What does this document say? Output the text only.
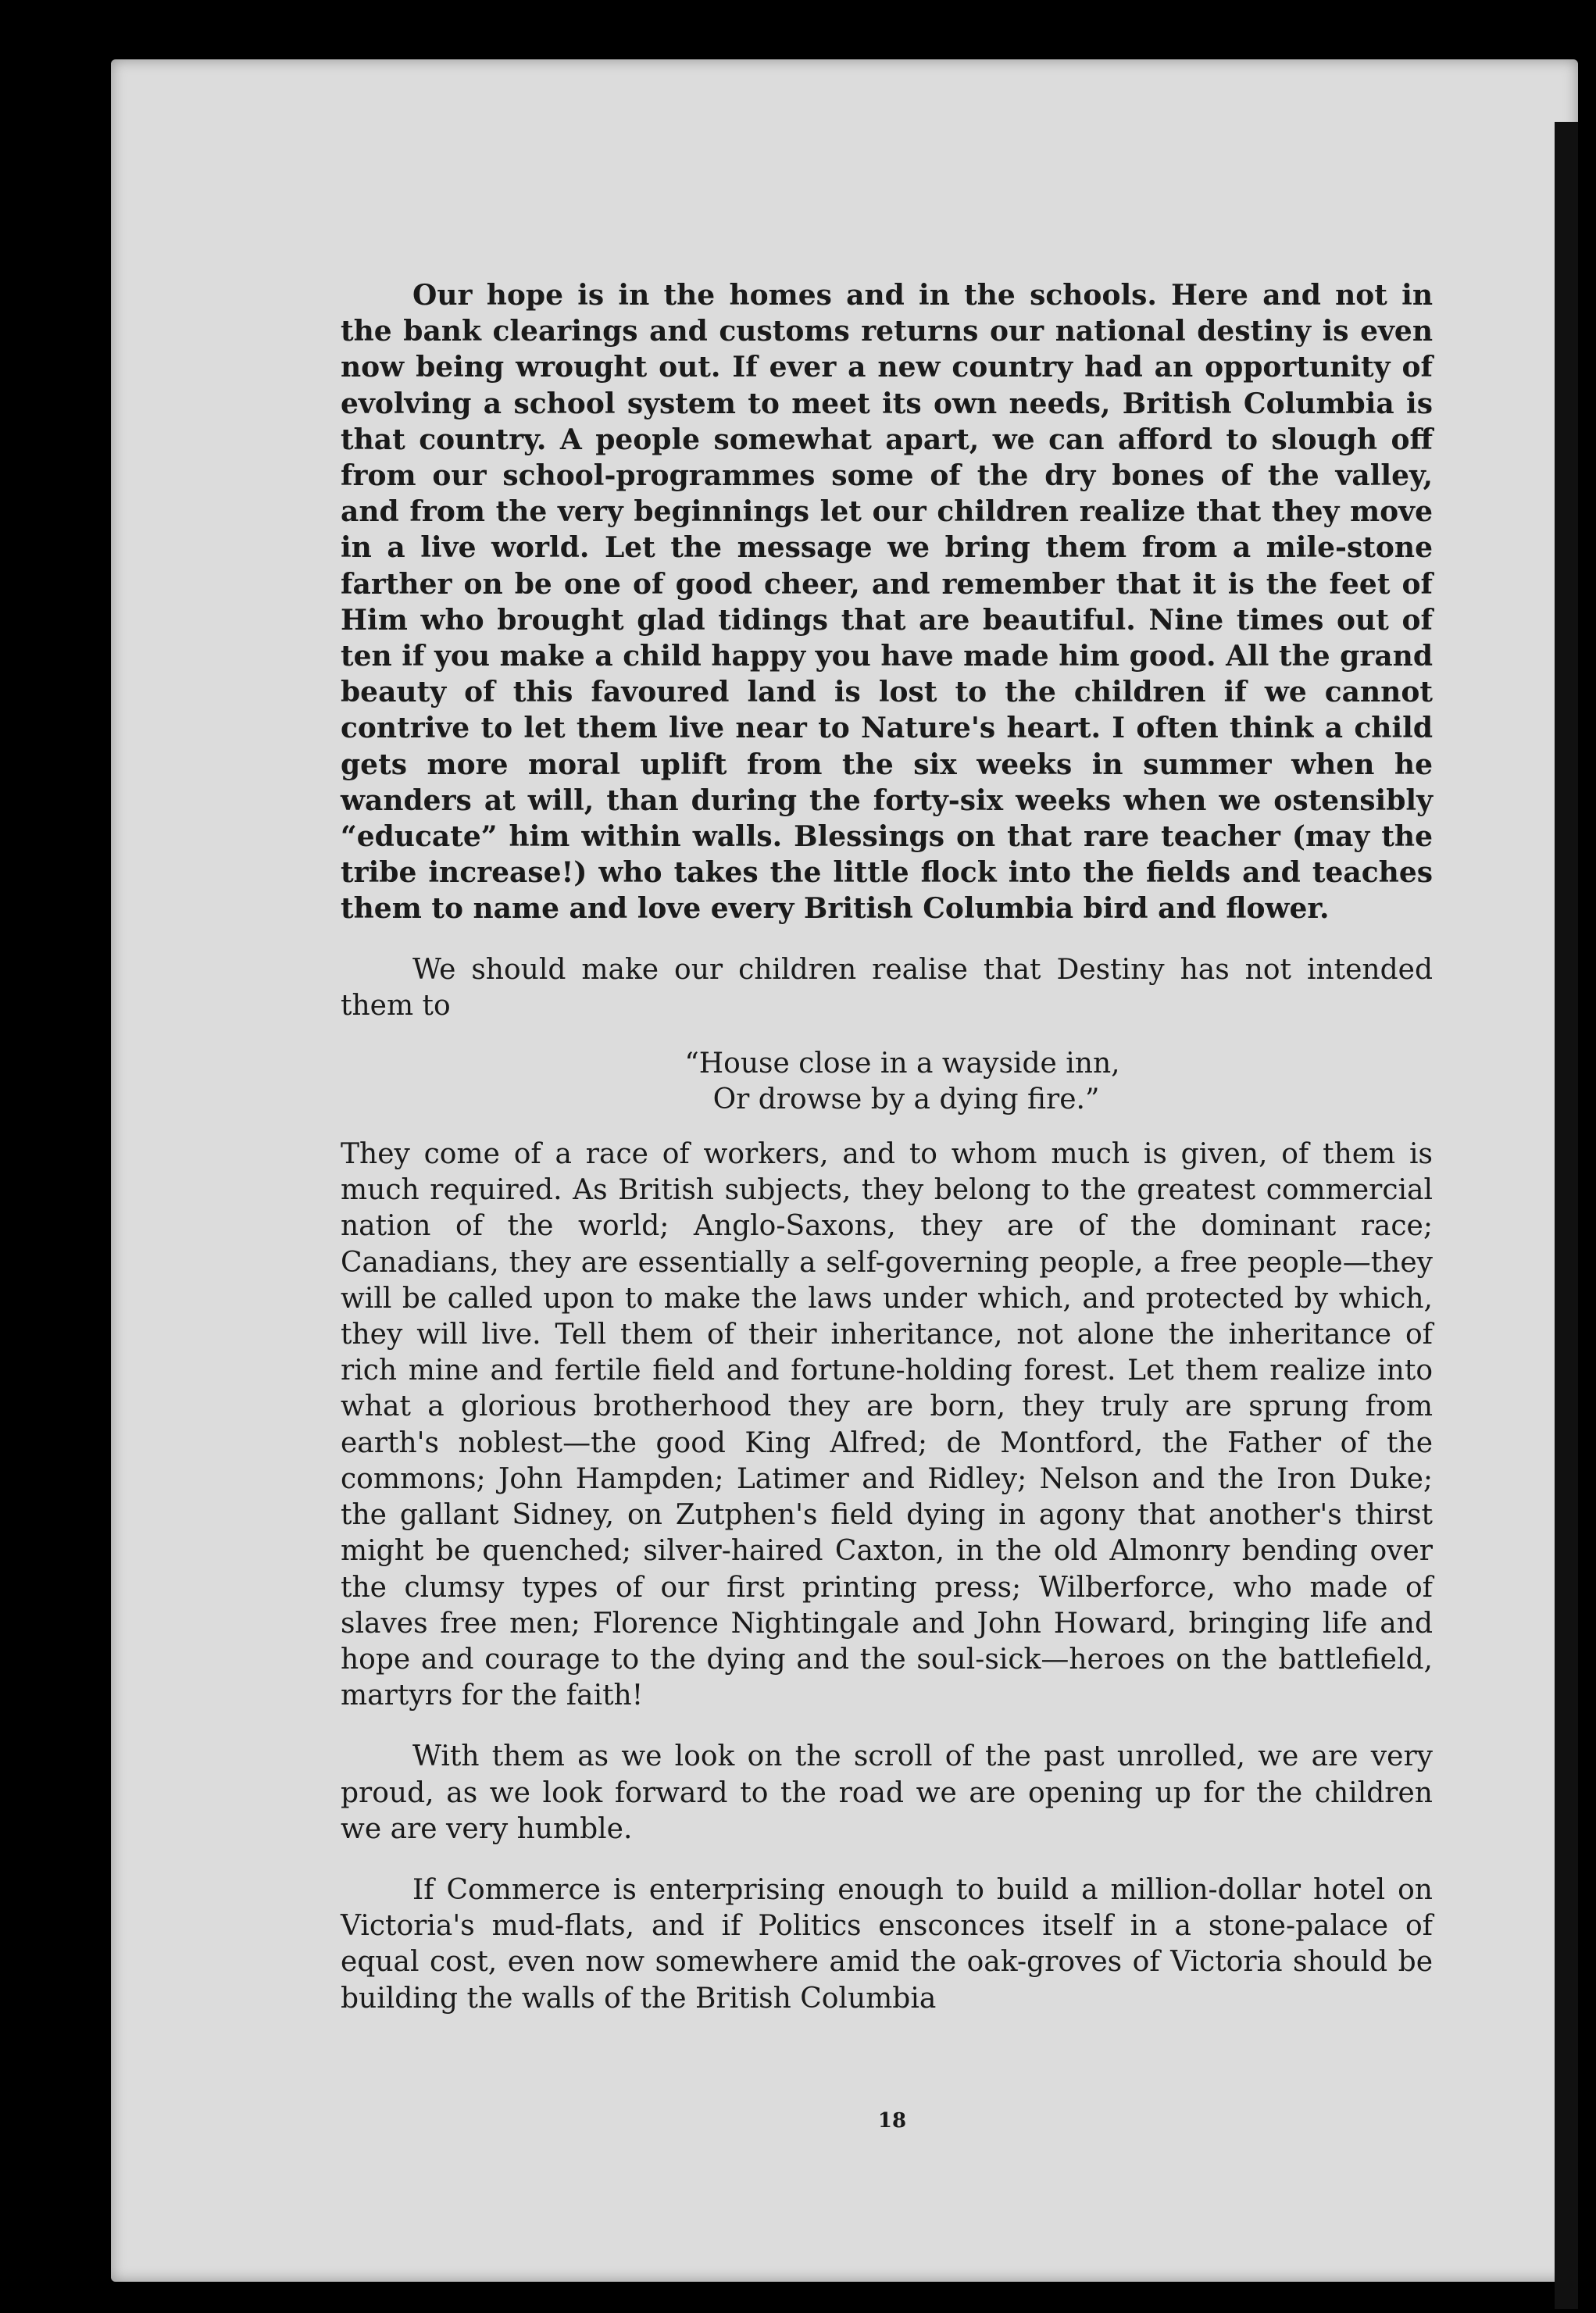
Our hope is in the homes and in the schools. Here and not in the bank clearings and customs returns our national destiny is even now being wrought out. If ever a new country had an opportunity of evolving a school system to meet its own needs, British Columbia is that country. A people somewhat apart, we can afford to slough off from our school-programmes some of the dry bones of the valley, and from the very beginnings let our children realize that they move in a live world. Let the message we bring them from a mile-stone farther on be one of good cheer, and remember that it is the feet of Him who brought glad tidings that are beautiful. Nine times out of ten if you make a child happy you have made him good. All the grand beauty of this favoured land is lost to the children if we cannot contrive to let them live near to Nature's heart. I often think a child gets more moral uplift from the six weeks in summer when he wanders at will, than during the forty-six weeks when we ostensibly “educate” him within walls. Blessings on that rare teacher (may the tribe increase!) who takes the little flock into the fields and teaches them to name and love every British Columbia bird and flower.

We should make our children realise that Destiny has not intended them to

“House close in a wayside inn,
Or drowse by a dying fire.”

They come of a race of workers, and to whom much is given, of them is much required. As British subjects, they belong to the greatest commercial nation of the world; Anglo-Saxons, they are of the dominant race; Canadians, they are essentially a self-governing people, a free people—they will be called upon to make the laws under which, and protected by which, they will live. Tell them of their inheritance, not alone the inheritance of rich mine and fertile field and fortune-holding forest. Let them realize into what a glorious brotherhood they are born, they truly are sprung from earth's noblest—the good King Alfred; de Montford, the Father of the commons; John Hampden; Latimer and Ridley; Nelson and the Iron Duke; the gallant Sidney, on Zutphen's field dying in agony that another's thirst might be quenched; silver-haired Caxton, in the old Almonry bending over the clumsy types of our first printing press; Wilberforce, who made of slaves free men; Florence Nightingale and John Howard, bringing life and hope and courage to the dying and the soul-sick—heroes on the battlefield, martyrs for the faith!

With them as we look on the scroll of the past unrolled, we are very proud, as we look forward to the road we are opening up for the children we are very humble.

If Commerce is enterprising enough to build a million-dollar hotel on Victoria's mud-flats, and if Politics ensconces itself in a stone-palace of equal cost, even now somewhere amid the oak-groves of Victoria should be building the walls of the British Columbia

18
